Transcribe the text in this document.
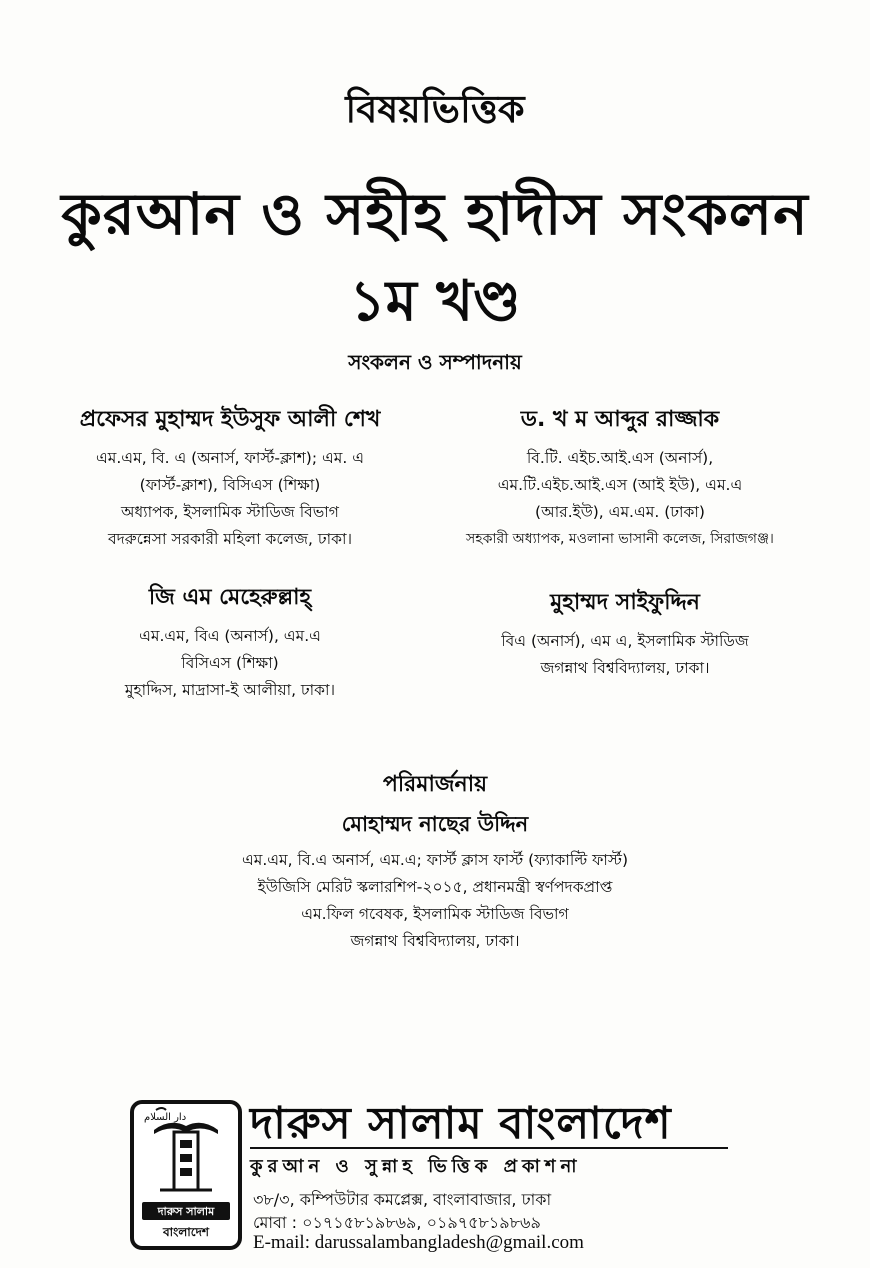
বিষয়ভিত্তিক
কুরআন ও সহীহ হাদীস সংকলন
১ম খণ্ড
সংকলন ও সম্পাদনায়
প্রফেসর মুহাম্মদ ইউসুফ আলী শেখ
এম.এম, বি. এ (অনার্স, ফার্স্ট-ক্লাশ); এম. এ
(ফার্স্ট-ক্লাশ), বিসিএস (শিক্ষা)
অধ্যাপক, ইসলামিক স্টাডিজ বিভাগ
বদরুন্নেসা সরকারী মহিলা কলেজ, ঢাকা।
ড. খ ম আব্দুর রাজ্জাক
বি.টি. এইচ.আই.এস (অনার্স),
এম.টি.এইচ.আই.এস (আই ইউ), এম.এ
(আর.ইউ), এম.এম. (ঢাকা)
সহকারী অধ্যাপক, মওলানা ভাসানী কলেজ, সিরাজগঞ্জ।
জি এম মেহেরুল্লাহ্
এম.এম, বিএ (অনার্স), এম.এ
বিসিএস (শিক্ষা)
মুহাদ্দিস, মাদ্রাসা-ই আলীয়া, ঢাকা।
মুহাম্মদ সাইফুদ্দিন
বিএ (অনার্স), এম এ, ইসলামিক স্টাডিজ
জগন্নাথ বিশ্ববিদ্যালয়, ঢাকা।
পরিমার্জনায়
মোহাম্মদ নাছের উদ্দিন
এম.এম, বি.এ অনার্স, এম.এ; ফার্স্ট ক্লাস ফার্স্ট (ফ্যাকাল্টি ফার্স্ট)
ইউজিসি মেরিট স্কলারশিপ-২০১৫, প্রধানমন্ত্রী স্বর্ণপদকপ্রাপ্ত
এম.ফিল গবেষক, ইসলামিক স্টাডিজ বিভাগ
জগন্নাথ বিশ্ববিদ্যালয়, ঢাকা।
دار السلام
দারুস সালাম
বাংলাদেশ
দারুস সালাম বাংলাদেশ
কুরআন ও সুন্নাহ ভিত্তিক প্রকাশনা
৩৮/৩, কম্পিউটার কমপ্লেক্স, বাংলাবাজার, ঢাকা
মোবা : ০১৭১৫৮১৯৮৬৯, ০১৯৭৫৮১৯৮৬৯
E-mail: darussalambangladesh@gmail.com
